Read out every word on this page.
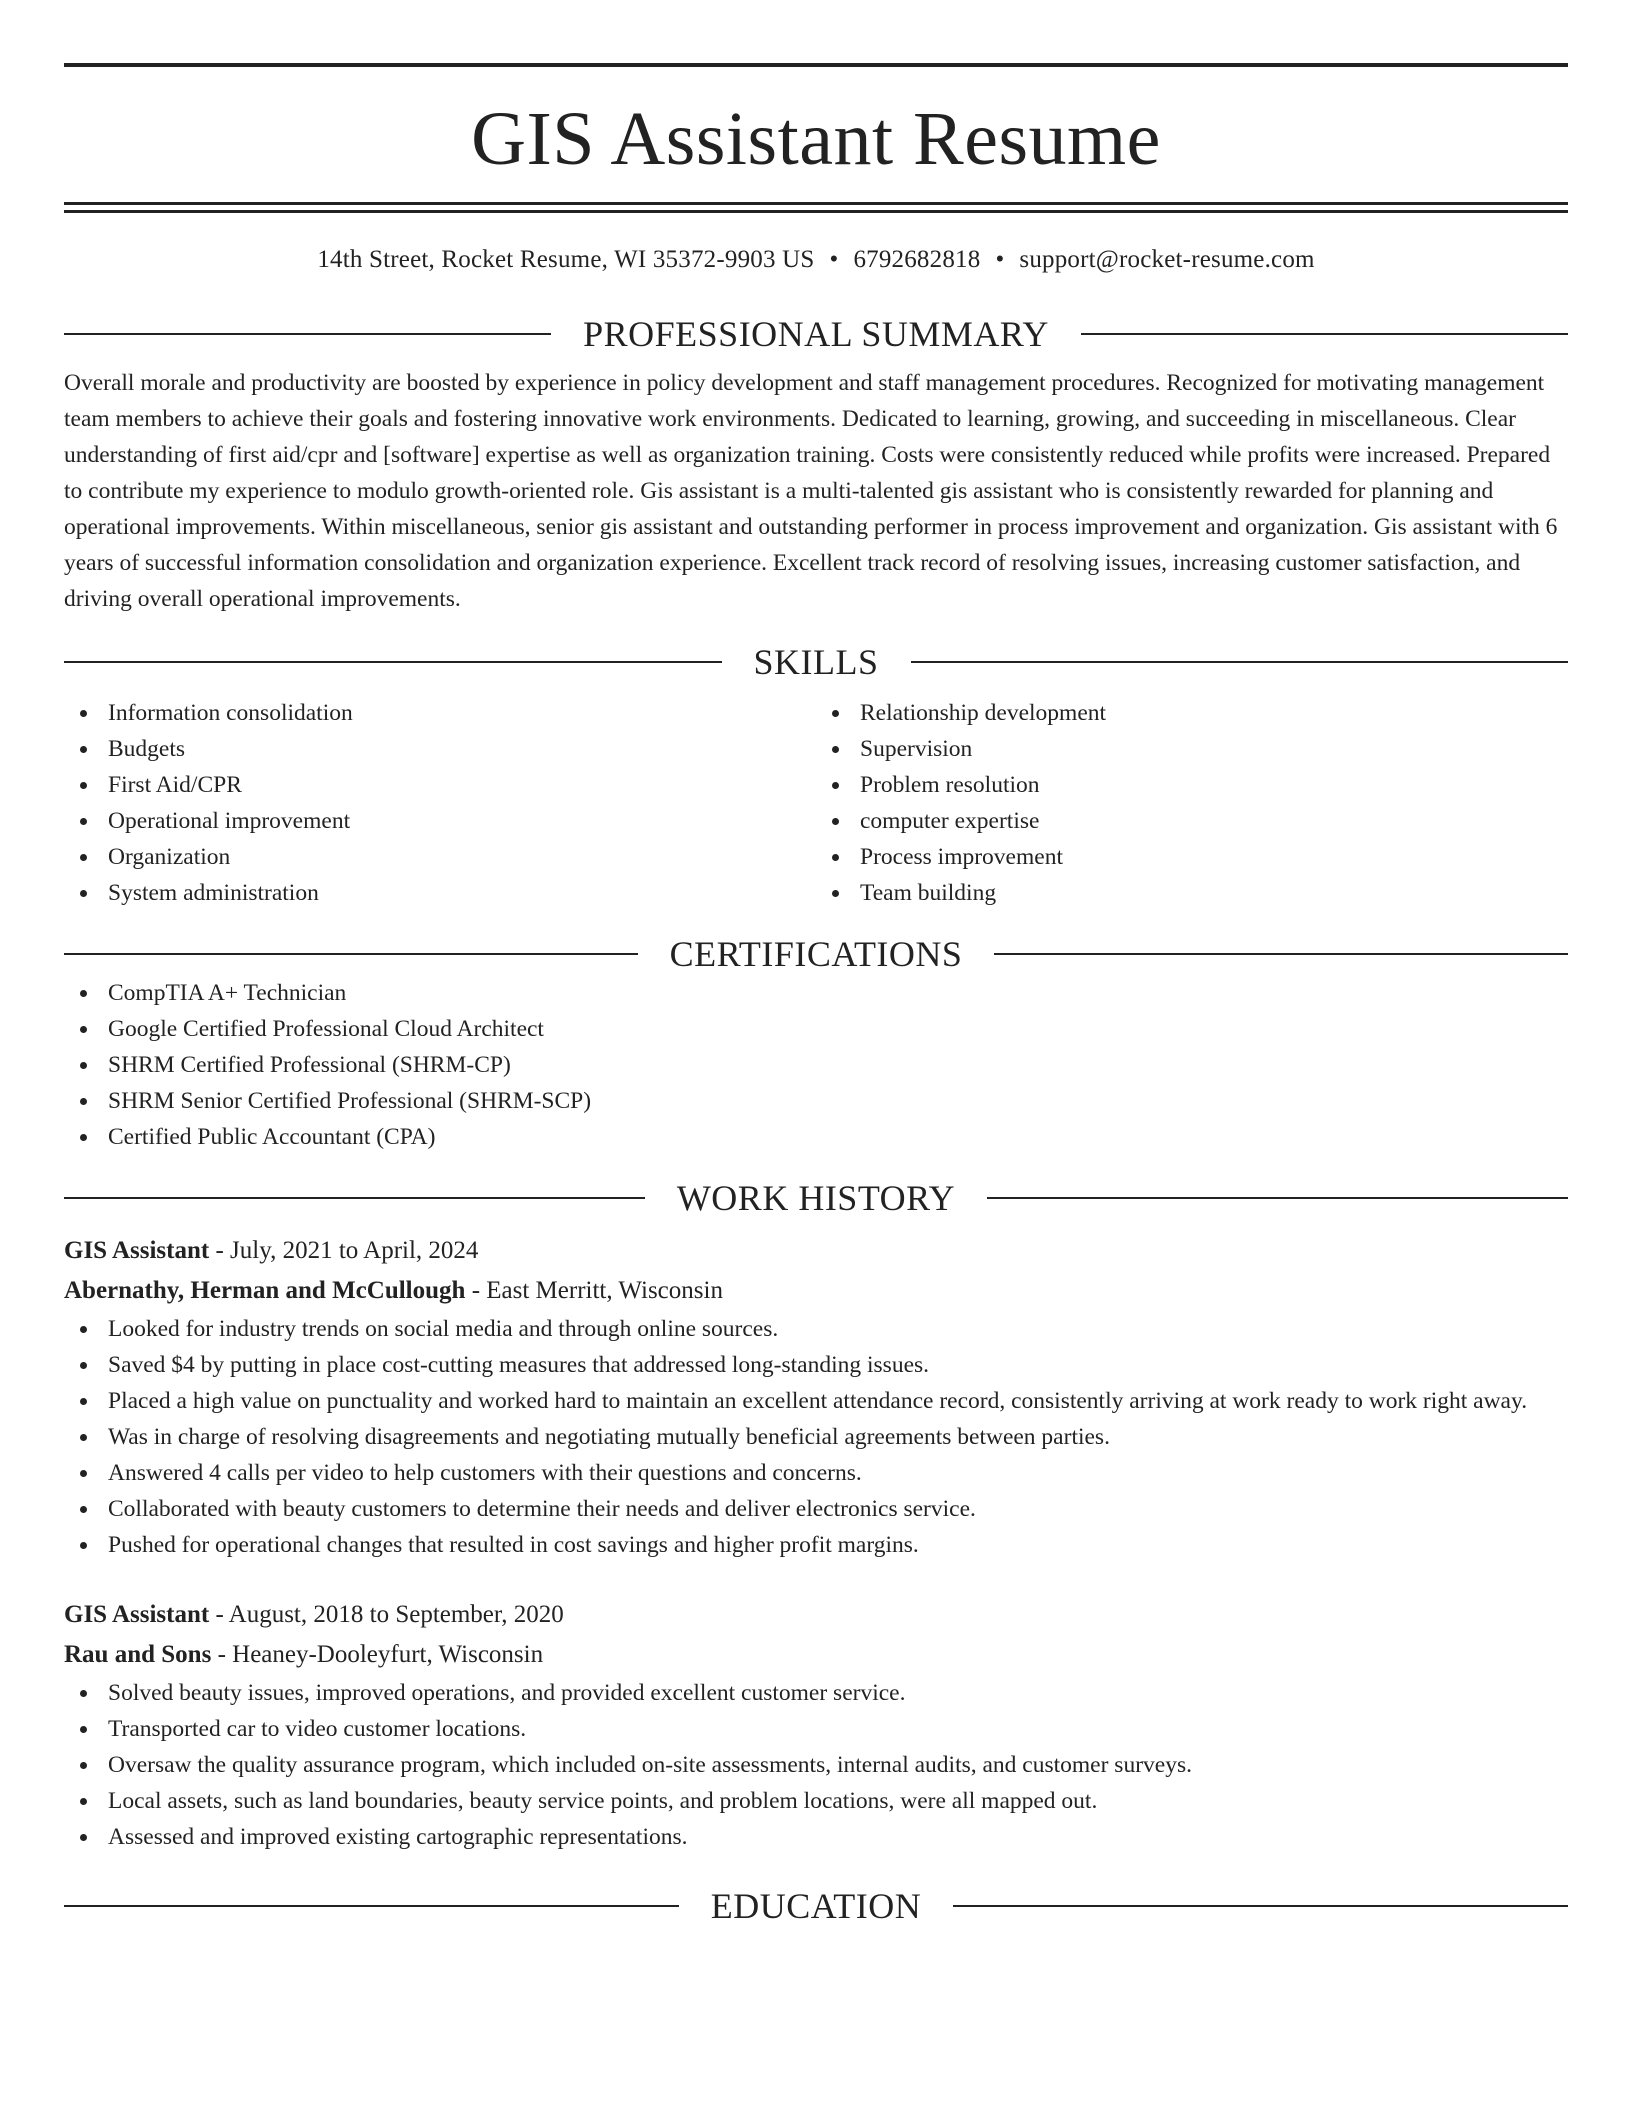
GIS Assistant Resume
14th Street, Rocket Resume, WI 35372-9903 US • 6792682818 • support@rocket-resume.com
PROFESSIONAL SUMMARY
Overall morale and productivity are boosted by experience in policy development and staff management procedures. Recognized for motivating management team members to achieve their goals and fostering innovative work environments. Dedicated to learning, growing, and succeeding in miscellaneous. Clear understanding of first aid/cpr and [software] expertise as well as organization training. Costs were consistently reduced while profits were increased. Prepared to contribute my experience to modulo growth-oriented role. Gis assistant is a multi-talented gis assistant who is consistently rewarded for planning and operational improvements. Within miscellaneous, senior gis assistant and outstanding performer in process improvement and organization. Gis assistant with 6 years of successful information consolidation and organization experience. Excellent track record of resolving issues, increasing customer satisfaction, and driving overall operational improvements.
SKILLS
Information consolidation
Budgets
First Aid/CPR
Operational improvement
Organization
System administration
Relationship development
Supervision
Problem resolution
computer expertise
Process improvement
Team building
CERTIFICATIONS
CompTIA A+ Technician
Google Certified Professional Cloud Architect
SHRM Certified Professional (SHRM-CP)
SHRM Senior Certified Professional (SHRM-SCP)
Certified Public Accountant (CPA)
WORK HISTORY
GIS Assistant - July, 2021 to April, 2024
Abernathy, Herman and McCullough - East Merritt, Wisconsin
Looked for industry trends on social media and through online sources.
Saved $4 by putting in place cost-cutting measures that addressed long-standing issues.
Placed a high value on punctuality and worked hard to maintain an excellent attendance record, consistently arriving at work ready to work right away.
Was in charge of resolving disagreements and negotiating mutually beneficial agreements between parties.
Answered 4 calls per video to help customers with their questions and concerns.
Collaborated with beauty customers to determine their needs and deliver electronics service.
Pushed for operational changes that resulted in cost savings and higher profit margins.
GIS Assistant - August, 2018 to September, 2020
Rau and Sons - Heaney-Dooleyfurt, Wisconsin
Solved beauty issues, improved operations, and provided excellent customer service.
Transported car to video customer locations.
Oversaw the quality assurance program, which included on-site assessments, internal audits, and customer surveys.
Local assets, such as land boundaries, beauty service points, and problem locations, were all mapped out.
Assessed and improved existing cartographic representations.
EDUCATION
